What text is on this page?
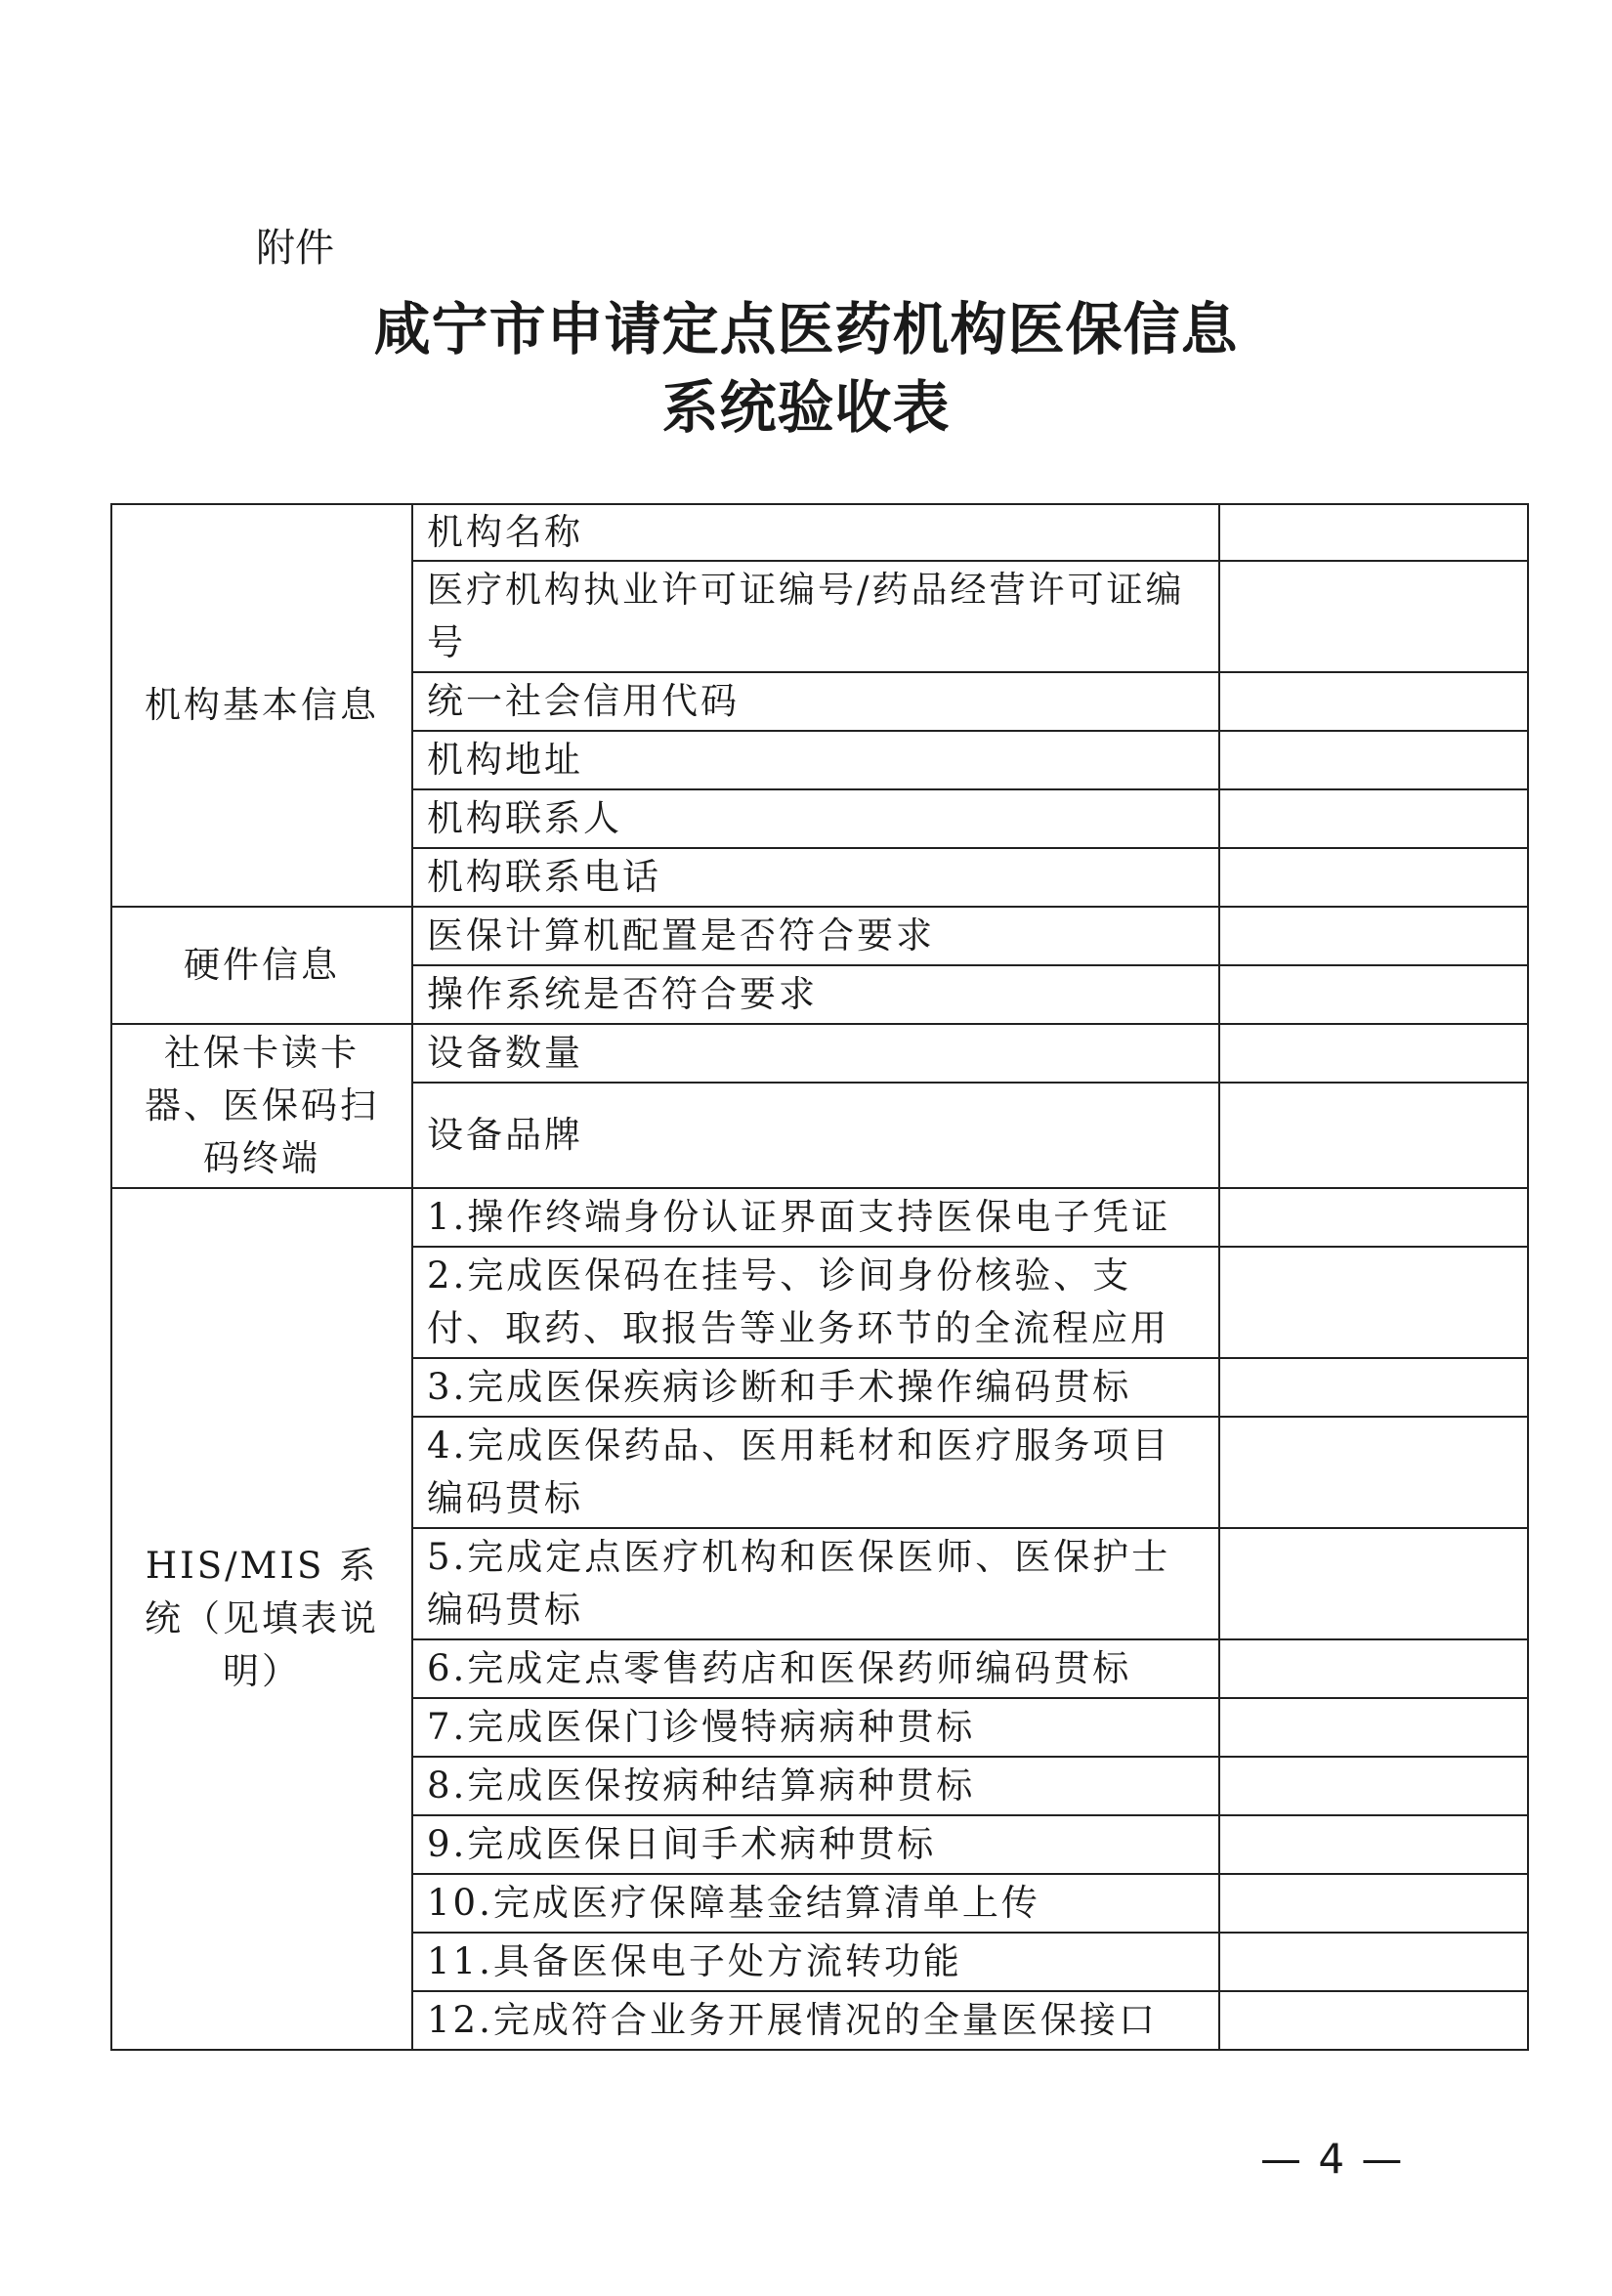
附件
咸宁市申请定点医药机构医保信息
系统验收表
机构基本信息	机构名称	
	医疗机构执业许可证编号/药品经营许可证编号	
	统一社会信用代码	
	机构地址	
	机构联系人	
	机构联系电话	
硬件信息	医保计算机配置是否符合要求	
	操作系统是否符合要求	
社保卡读卡器、医保码扫码终端	设备数量	
	设备品牌	
HIS/MIS 系统（见填表说明）	1.操作终端身份认证界面支持医保电子凭证	
	2.完成医保码在挂号、诊间身份核验、支付、取药、取报告等业务环节的全流程应用	
	3.完成医保疾病诊断和手术操作编码贯标	
	4.完成医保药品、医用耗材和医疗服务项目编码贯标	
	5.完成定点医疗机构和医保医师、医保护士编码贯标	
	6.完成定点零售药店和医保药师编码贯标	
	7.完成医保门诊慢特病病种贯标	
	8.完成医保按病种结算病种贯标	
	9.完成医保日间手术病种贯标	
	10.完成医疗保障基金结算清单上传	
	11.具备医保电子处方流转功能	
	12.完成符合业务开展情况的全量医保接口	
— 4 —
